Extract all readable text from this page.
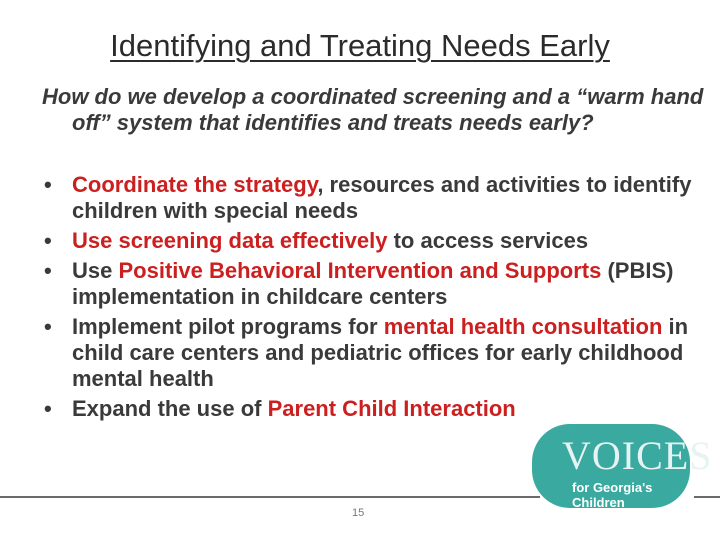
VOICES
for Georgia's Children
Identifying and Treating Needs Early
How do we develop a coordinated screening and a “warm hand off” system that identifies and treats needs early?
• Coordinate the strategy, resources and activities to identify children with special needs
• Use screening data effectively to access services
• Use Positive Behavioral Intervention and Supports (PBIS) implementation in childcare centers
• Implement pilot programs for mental health consultation in child care centers and pediatric offices for early childhood mental health
• Expand the use of Parent Child Interaction
15
